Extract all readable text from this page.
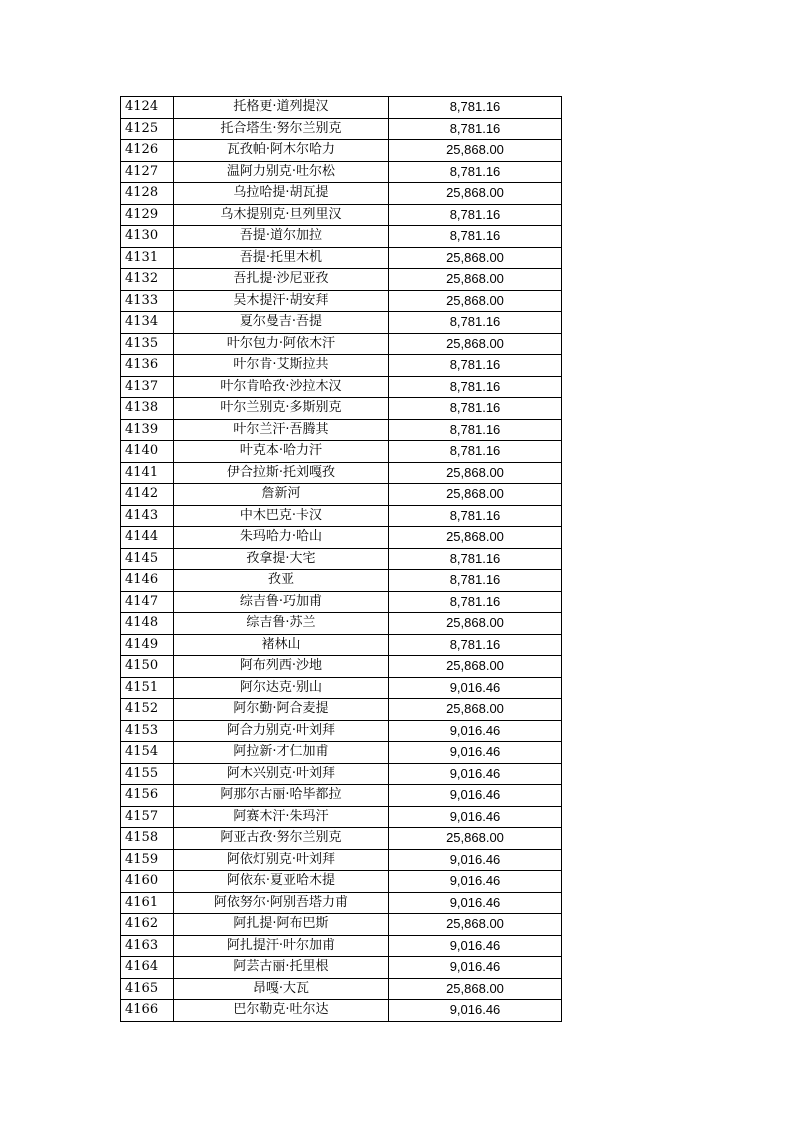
4124	托格更·道列提汉	8,781.16
4125	托合塔生·努尔兰别克	8,781.16
4126	瓦孜帕·阿木尔哈力	25,868.00
4127	温阿力别克·吐尔松	8,781.16
4128	乌拉哈提·胡瓦提	25,868.00
4129	乌木提别克·旦列里汉	8,781.16
4130	吾提·道尔加拉	8,781.16
4131	吾提·托里木机	25,868.00
4132	吾扎提·沙尼亚孜	25,868.00
4133	吴木提汗·胡安拜	25,868.00
4134	夏尔曼吉·吾提	8,781.16
4135	叶尔包力·阿依木汗	25,868.00
4136	叶尔肯·艾斯拉共	8,781.16
4137	叶尔肯哈孜·沙拉木汉	8,781.16
4138	叶尔兰别克·多斯别克	8,781.16
4139	叶尔兰汗·吾腾其	8,781.16
4140	叶克本·哈力汗	8,781.16
4141	伊合拉斯·托刘嘎孜	25,868.00
4142	詹新河	25,868.00
4143	中木巴克·卡汉	8,781.16
4144	朱玛哈力·哈山	25,868.00
4145	孜拿提·大宅	8,781.16
4146	孜亚	8,781.16
4147	综吉鲁·巧加甫	8,781.16
4148	综吉鲁·苏兰	25,868.00
4149	褚林山	8,781.16
4150	阿布列西·沙地	25,868.00
4151	阿尔达克·别山	9,016.46
4152	阿尔勤·阿合麦提	25,868.00
4153	阿合力别克·叶刘拜	9,016.46
4154	阿拉新·才仁加甫	9,016.46
4155	阿木兴别克·叶刘拜	9,016.46
4156	阿那尔古丽·哈毕都拉	9,016.46
4157	阿赛木汗·朱玛汗	9,016.46
4158	阿亚古孜·努尔兰别克	25,868.00
4159	阿依灯别克·叶刘拜	9,016.46
4160	阿依东·夏亚哈木提	9,016.46
4161	阿依努尔·阿别吾塔力甫	9,016.46
4162	阿扎提·阿布巴斯	25,868.00
4163	阿扎提汗·叶尔加甫	9,016.46
4164	阿芸古丽·托里根	9,016.46
4165	昂嘎·大瓦	25,868.00
4166	巴尔勒克·吐尔达	9,016.46
